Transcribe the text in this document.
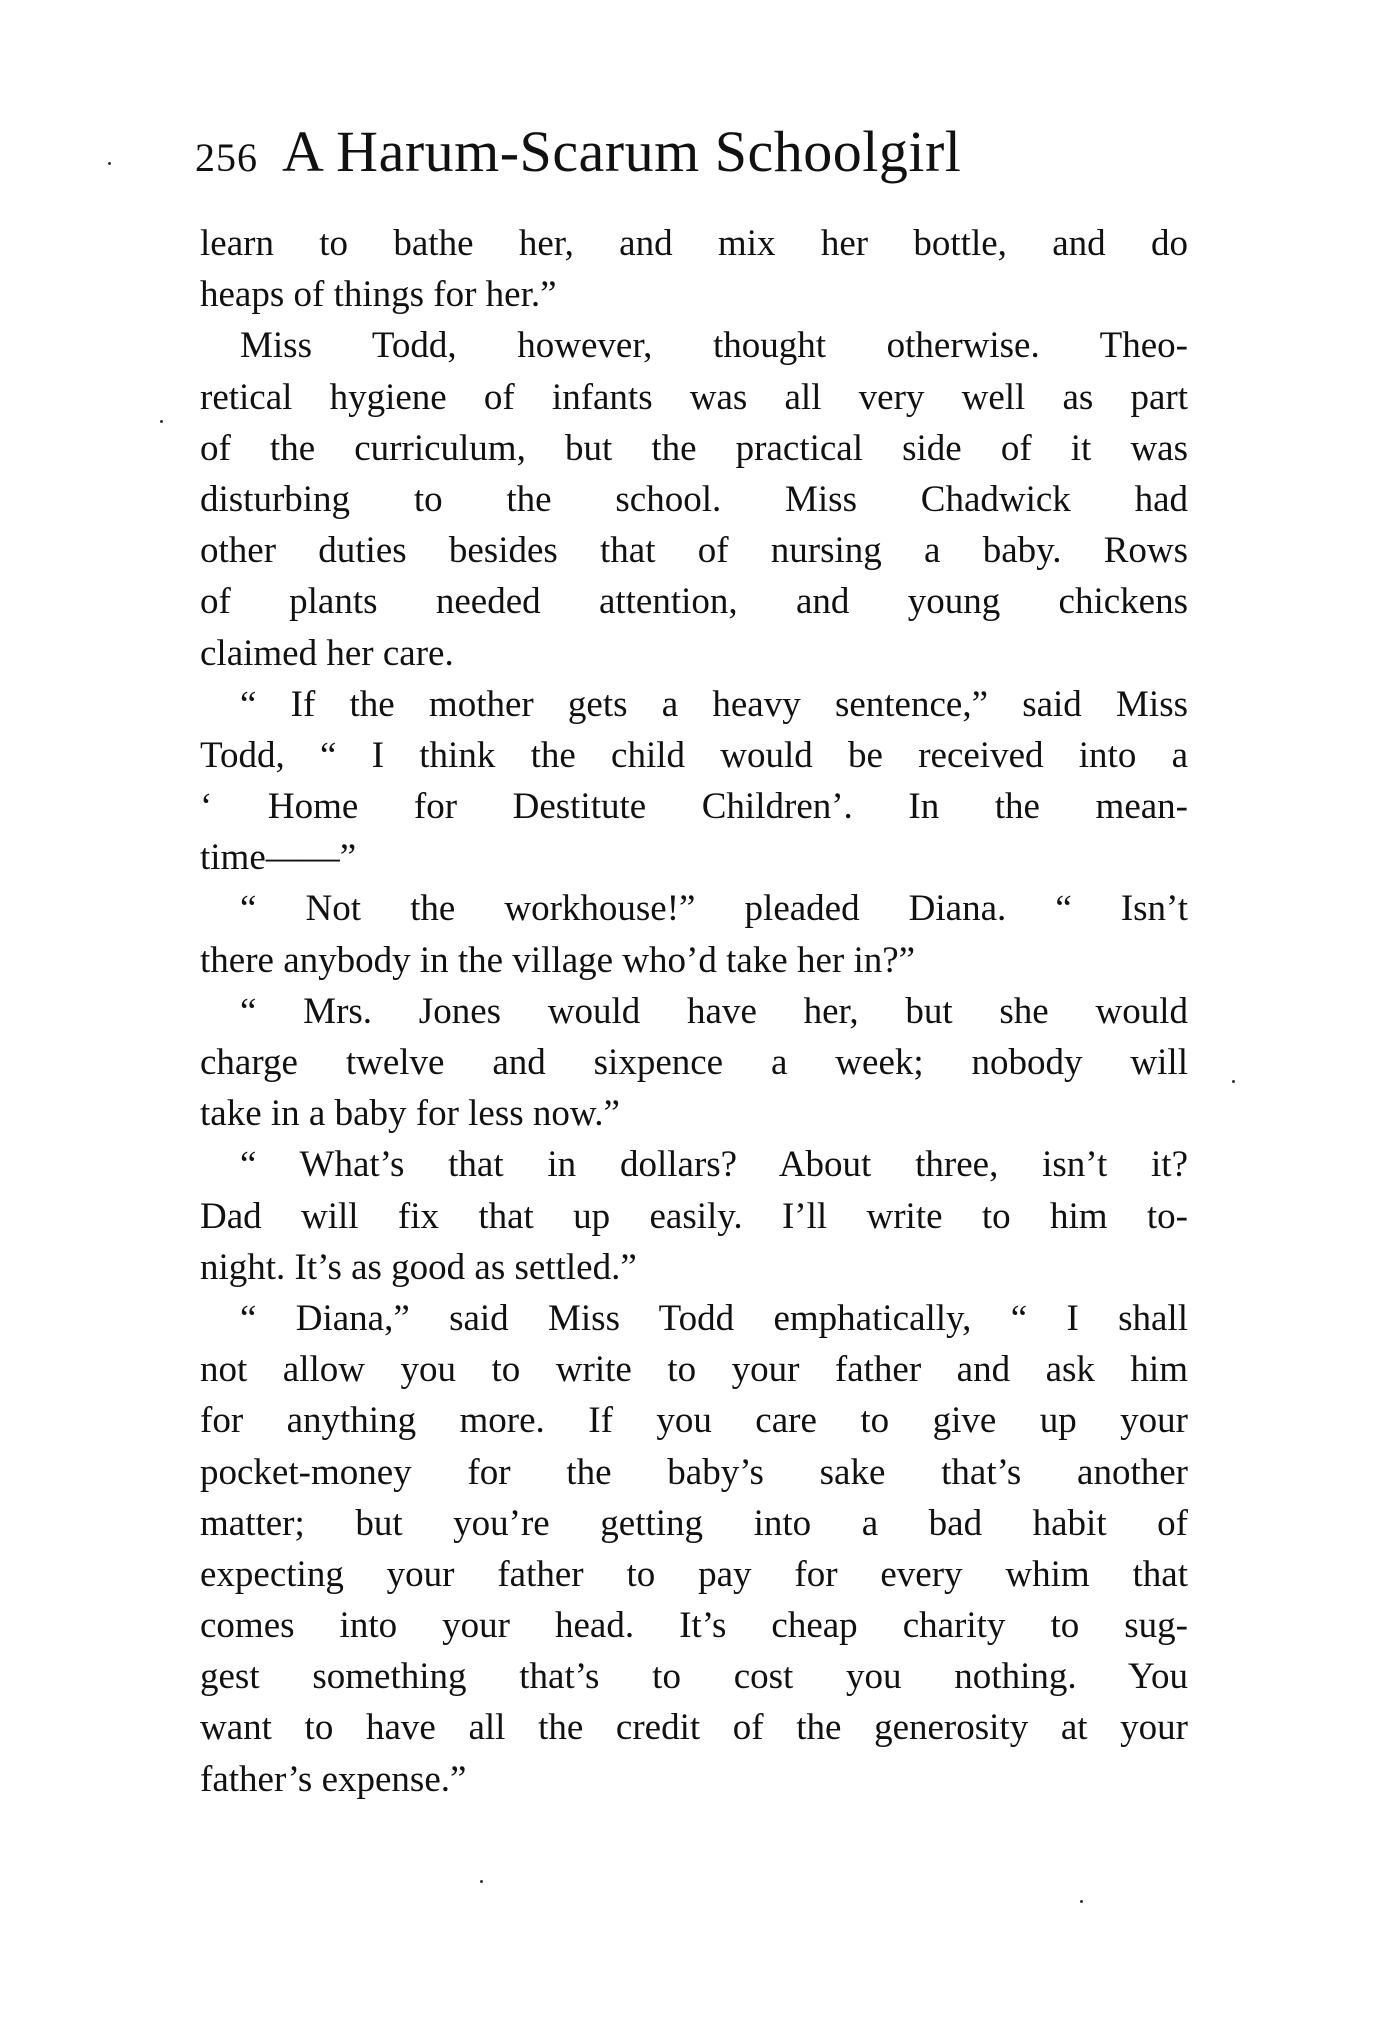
256 A Harum-Scarum Schoolgirl
learn to bathe her, and mix her bottle, and do
heaps of things for her.”
Miss Todd, however, thought otherwise. Theo-
retical hygiene of infants was all very well as part
of the curriculum, but the practical side of it was
disturbing to the school. Miss Chadwick had
other duties besides that of nursing a baby. Rows
of plants needed attention, and young chickens
claimed her care.
“ If the mother gets a heavy sentence,” said Miss
Todd, “ I think the child would be received into a
‘ Home for Destitute Children’. In the mean-
time——”
“ Not the workhouse!” pleaded Diana. “ Isn’t
there anybody in the village who’d take her in?”
“ Mrs. Jones would have her, but she would
charge twelve and sixpence a week; nobody will
take in a baby for less now.”
“ What’s that in dollars? About three, isn’t it?
Dad will fix that up easily. I’ll write to him to-
night. It’s as good as settled.”
“ Diana,” said Miss Todd emphatically, “ I shall
not allow you to write to your father and ask him
for anything more. If you care to give up your
pocket-money for the baby’s sake that’s another
matter; but you’re getting into a bad habit of
expecting your father to pay for every whim that
comes into your head. It’s cheap charity to sug-
gest something that’s to cost you nothing. You
want to have all the credit of the generosity at your
father’s expense.”
